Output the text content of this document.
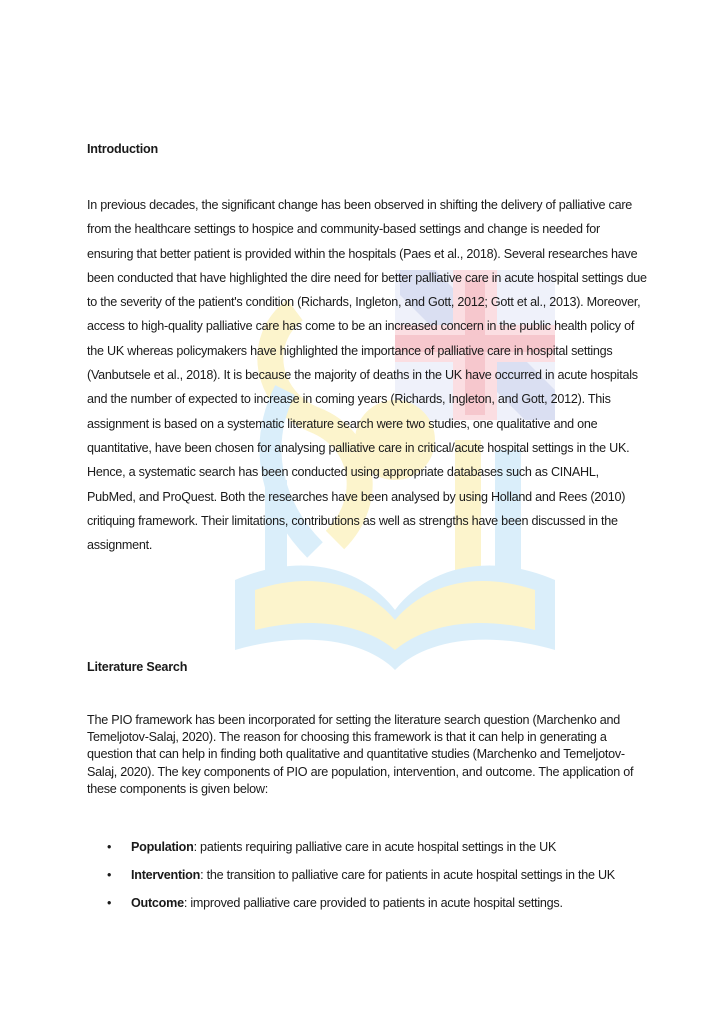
Introduction
In previous decades, the significant change has been observed in shifting the delivery of palliative care from the healthcare settings to hospice and community-based settings and change is needed for ensuring that better patient is provided within the hospitals (Paes et al., 2018). Several researches have been conducted that have highlighted the dire need for better palliative care in acute hospital settings due to the severity of the patient's condition (Richards, Ingleton, and Gott, 2012; Gott et al., 2013). Moreover, access to high-quality palliative care has come to be an increased concern in the public health policy of the UK whereas policymakers have highlighted the importance of palliative care in hospital settings (Vanbutsele et al., 2018). It is because the majority of deaths in the UK have occurred in acute hospitals and the number of expected to increase in coming years (Richards, Ingleton, and Gott, 2012). This assignment is based on a systematic literature search were two studies, one qualitative and one quantitative, have been chosen for analysing palliative care in critical/acute hospital settings in the UK. Hence, a systematic search has been conducted using appropriate databases such as CINAHL, PubMed, and ProQuest. Both the researches have been analysed by using Holland and Rees (2010) critiquing framework. Their limitations, contributions as well as strengths have been discussed in the assignment.
Literature Search
The PIO framework has been incorporated for setting the literature search question (Marchenko and Temeljotov-Salaj, 2020). The reason for choosing this framework is that it can help in generating a question that can help in finding both qualitative and quantitative studies (Marchenko and Temeljotov-Salaj, 2020). The key components of PIO are population, intervention, and outcome. The application of these components is given below:
• Population: patients requiring palliative care in acute hospital settings in the UK
• Intervention: the transition to palliative care for patients in acute hospital settings in the UK
• Outcome: improved palliative care provided to patients in acute hospital settings.
